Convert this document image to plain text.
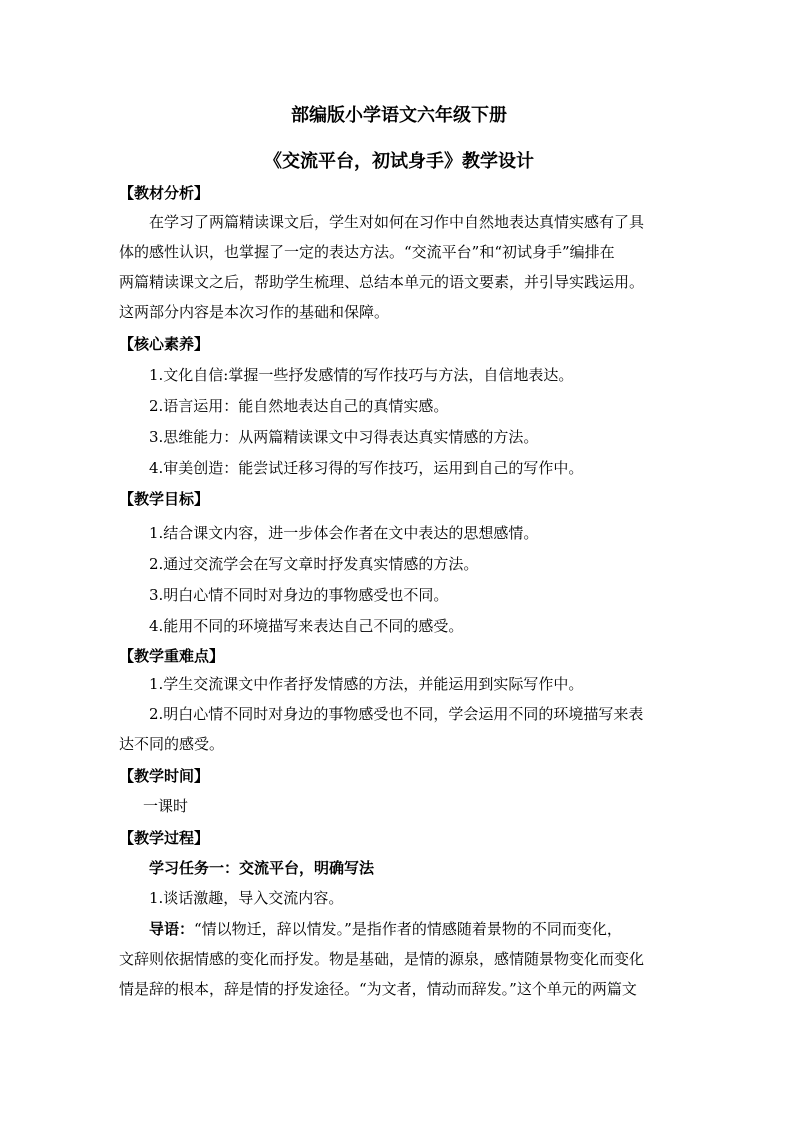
部编版小学语文六年级下册

《交流平台，初试身手》教学设计

【教材分析】

在学习了两篇精读课文后，学生对如何在习作中自然地表达真情实感有了具

体的感性认识，也掌握了一定的表达方法。“交流平台”和“初试身手”编排在

两篇精读课文之后，帮助学生梳理、总结本单元的语文要素，并引导实践运用。

这两部分内容是本次习作的基础和保障。

【核心素养】

1.文化自信:掌握一些抒发感情的写作技巧与方法，自信地表达。

2.语言运用：能自然地表达自己的真情实感。

3.思维能力：从两篇精读课文中习得表达真实情感的方法。

4.审美创造：能尝试迁移习得的写作技巧，运用到自己的写作中。

【教学目标】

1.结合课文内容，进一步体会作者在文中表达的思想感情。

2.通过交流学会在写文章时抒发真实情感的方法。

3.明白心情不同时对身边的事物感受也不同。

4.能用不同的环境描写来表达自己不同的感受。

【教学重难点】

1.学生交流课文中作者抒发情感的方法，并能运用到实际写作中。

2.明白心情不同时对身边的事物感受也不同，学会运用不同的环境描写来表

达不同的感受。

【教学时间】

一课时

【教学过程】

学习任务一：交流平台，明确写法

1.谈话激趣，导入交流内容。

导语：“情以物迁，辞以情发。”是指作者的情感随着景物的不同而变化，

文辞则依据情感的变化而抒发。物是基础，是情的源泉，感情随景物变化而变化

情是辞的根本，辞是情的抒发途径。“为文者，情动而辞发。”这个单元的两篇文
